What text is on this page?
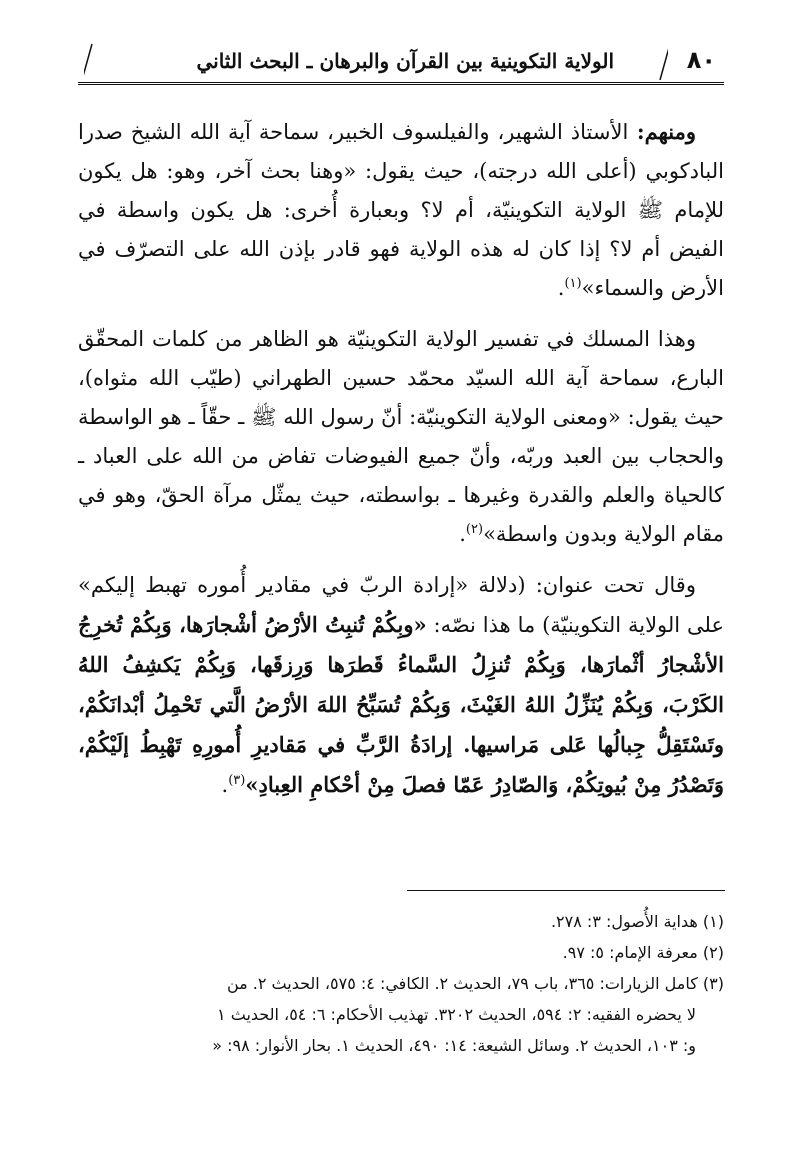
٨٠
الولاية التكوينية بين القرآن والبرهان ـ البحث الثاني

ومنهم: الأستاذ الشهير، والفيلسوف الخبير، سماحة آية الله الشيخ صدرا البادكوبي (أعلى الله درجته)، حيث يقول: «وهنا بحث آخر، وهو: هل يكون للإمام ﷺ الولاية التكوينيّة، أم لا؟ وبعبارة أُخرى: هل يكون واسطة في الفيض أم لا؟ إذا كان له هذه الولاية فهو قادر بإذن الله على التصرّف في الأرض والسماء»$^{(١)}$.

وهذا المسلك في تفسير الولاية التكوينيّة هو الظاهر من كلمات المحقّق البارع، سماحة آية الله السيّد محمّد حسين الطهراني (طيّب الله مثواه)، حيث يقول: «ومعنى الولاية التكوينيّة: أنّ رسول الله ﷺ ـ حقّاً ـ هو الواسطة والحجاب بين العبد وربّه، وأنّ جميع الفيوضات تفاض من الله على العباد ـ كالحياة والعلم والقدرة وغيرها ـ بواسطته، حيث يمثّل مرآة الحقّ، وهو في مقام الولاية وبدون واسطة»$^{(٢)}$.

وقال تحت عنوان: (دلالة «إرادة الربّ في مقادير أُموره تهبط إليكم» على الولاية التكوينيّة) ما هذا نصّه: «وبِكُمْ تُنبِتُ الأرْضُ أشْجارَها، وَبِكُمْ تُخرِجُ الأشْجارُ أثْمارَها، وَبِكُمْ تُنزِلُ السَّماءُ قَطرَها وَرِزقَها، وَبِكُمْ يَكشِفُ اللهُ الكَرْبَ، وَبِكُمْ يُنَزِّلُ اللهُ الغَيْثَ، وَبِكُمْ تُسَبِّحُ اللهَ الأرْضُ الَّتي تَحْمِلُ أبْدانَكُمْ، وتَسْتَقِلُّ جِبالُها عَلى مَراسيها. إرادَةُ الرَّبِّ في مَقاديرِ أُمورِهِ تَهْبِطُ إلَيْكُمْ، وَتَصْدُرُ مِنْ بُيوتِكُمْ، وَالصّادِرُ عَمّا فصلَ مِنْ أحْكامِ العِبادِ»$^{(٣)}$.

(١) هداية الأُصول: ٣: ٢٧٨.

(٢) معرفة الإمام: ٥: ٩٧.

(٣) كامل الزيارات: ٣٦٥، باب ٧٩، الحديث ٢. الكافي: ٤: ٥٧٥، الحديث ٢. من

لا يحضره الفقيه: ٢: ٥٩٤، الحديث ٣٢٠٢. تهذيب الأحكام: ٦: ٥٤، الحديث ١

و: ١٠٣، الحديث ٢. وسائل الشيعة: ١٤: ٤٩٠، الحديث ١. بحار الأنوار: ٩٨: «
